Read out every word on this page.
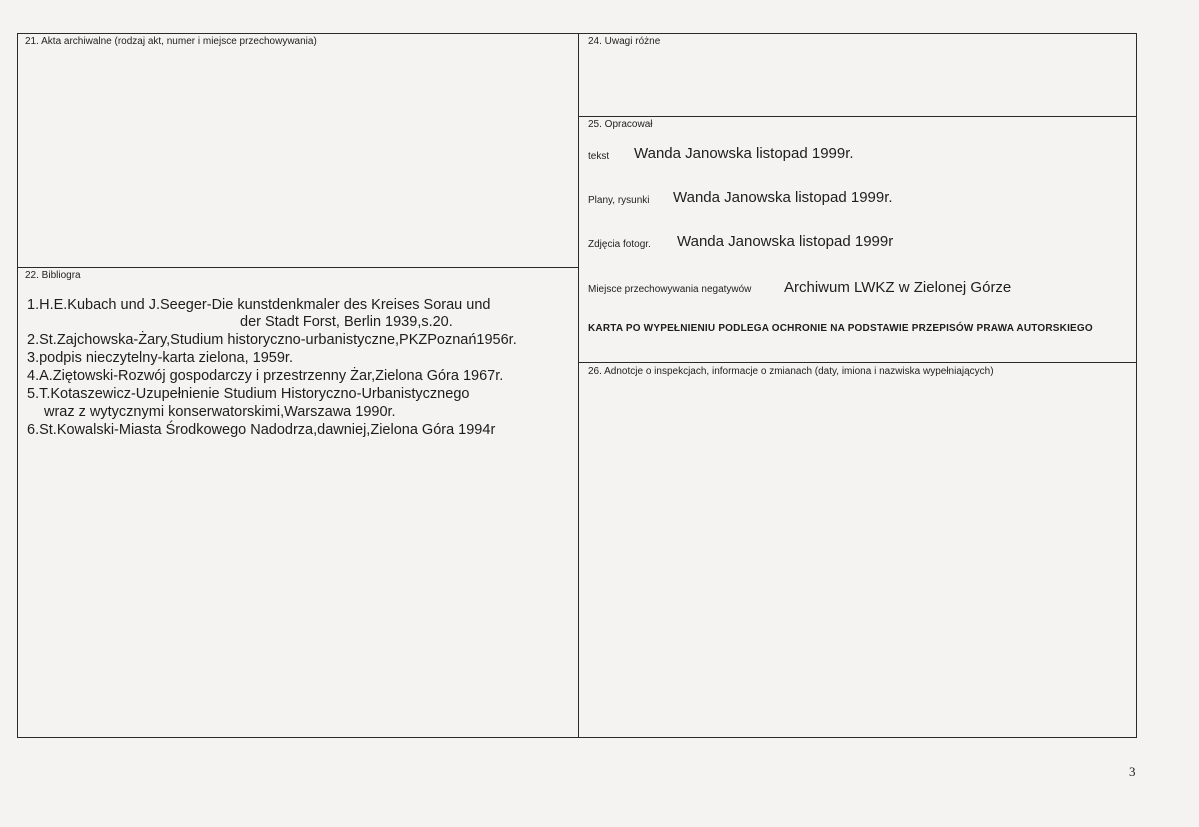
21. Akta archiwalne (rodzaj akt, numer i miejsce przechowywania)
22. Bibliogra
1.H.E.Kubach und J.Seeger-Die kunstdenkmaler des Kreises Sorau und
der Stadt Forst, Berlin 1939,s.20.
2.St.Zajchowska-Żary,Studium historyczno-urbanistyczne,PKZPoznań1956r.
3.podpis nieczytelny-karta zielona, 1959r.
4.A.Ziętowski-Rozwój gospodarczy i przestrzenny Żar,Zielona Góra 1967r.
5.T.Kotaszewicz-Uzupełnienie Studium Historyczno-Urbanistycznego
wraz z wytycznymi konserwatorskimi,Warszawa 1990r.
6.St.Kowalski-Miasta Środkowego Nadodrza,dawniej,Zielona Góra 1994r
24. Uwagi różne
25. Opracował
tekst Wanda Janowska listopad 1999r.
Plany, rysunki Wanda Janowska listopad 1999r.
Zdjęcia fotogr. Wanda Janowska listopad 1999r
Miejsce przechowywania negatywów Archiwum LWKZ w Zielonej Górze
KARTA PO WYPEŁNIENIU PODLEGA OCHRONIE NA PODSTAWIE PRZEPISÓW PRAWA AUTORSKIEGO
26. Adnotcje o inspekcjach, informacje o zmianach (daty, imiona i nazwiska wypełniających)
3
